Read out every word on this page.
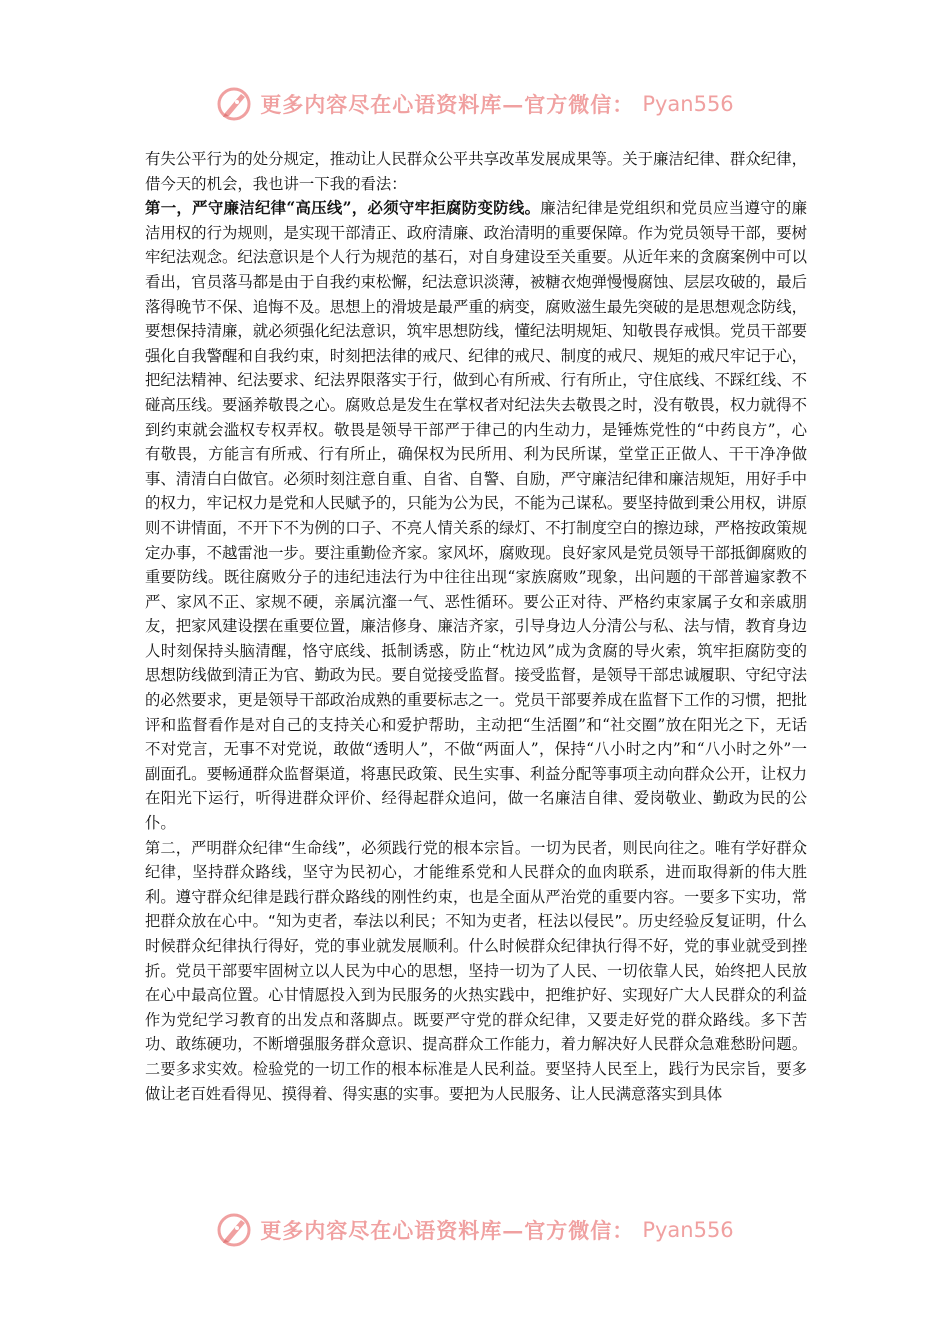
更多内容尽在心语资料库—官方微信： Pyan556

有失公平行为的处分规定，推动让人民群众公平共享改革发展成果等。关于廉洁纪律、群众纪律，借今天的机会，我也讲一下我的看法：

第一，严守廉洁纪律“高压线”，必须守牢拒腐防变防线。廉洁纪律是党组织和党员应当遵守的廉洁用权的行为规则，是实现干部清正、政府清廉、政治清明的重要保障。作为党员领导干部，要树牢纪法观念。纪法意识是个人行为规范的基石，对自身建设至关重要。从近年来的贪腐案例中可以看出，官员落马都是由于自我约束松懈，纪法意识淡薄，被糖衣炮弹慢慢腐蚀、层层攻破的，最后落得晚节不保、追悔不及。思想上的滑坡是最严重的病变，腐败滋生最先突破的是思想观念防线，要想保持清廉，就必须强化纪法意识，筑牢思想防线，懂纪法明规矩、知敬畏存戒惧。党员干部要强化自我警醒和自我约束，时刻把法律的戒尺、纪律的戒尺、制度的戒尺、规矩的戒尺牢记于心，把纪法精神、纪法要求、纪法界限落实于行，做到心有所戒、行有所止，守住底线、不踩红线、不碰高压线。要涵养敬畏之心。腐败总是发生在掌权者对纪法失去敬畏之时，没有敬畏，权力就得不到约束就会滥权专权弄权。敬畏是领导干部严于律己的内生动力，是锤炼党性的“中药良方”，心有敬畏，方能言有所戒、行有所止，确保权为民所用、利为民所谋，堂堂正正做人、干干净净做事、清清白白做官。必须时刻注意自重、自省、自警、自励，严守廉洁纪律和廉洁规矩，用好手中的权力，牢记权力是党和人民赋予的，只能为公为民，不能为己谋私。要坚持做到秉公用权，讲原则不讲情面，不开下不为例的口子、不亮人情关系的绿灯、不打制度空白的擦边球，严格按政策规定办事，不越雷池一步。要注重勤俭齐家。家风坏，腐败现。良好家风是党员领导干部抵御腐败的重要防线。既往腐败分子的违纪违法行为中往往出现“家族腐败”现象，出问题的干部普遍家教不严、家风不正、家规不硬，亲属沆瀣一气、恶性循环。要公正对待、严格约束家属子女和亲戚朋友，把家风建设摆在重要位置，廉洁修身、廉洁齐家，引导身边人分清公与私、法与情，教育身边人时刻保持头脑清醒，恪守底线、抵制诱惑，防止“枕边风”成为贪腐的导火索，筑牢拒腐防变的思想防线做到清正为官、勤政为民。要自觉接受监督。接受监督，是领导干部忠诚履职、守纪守法的必然要求，更是领导干部政治成熟的重要标志之一。党员干部要养成在监督下工作的习惯，把批评和监督看作是对自己的支持关心和爱护帮助，主动把“生活圈”和“社交圈”放在阳光之下，无话不对党言，无事不对党说，敢做“透明人”，不做“两面人”，保持“八小时之内”和“八小时之外”一副面孔。要畅通群众监督渠道，将惠民政策、民生实事、利益分配等事项主动向群众公开，让权力在阳光下运行，听得进群众评价、经得起群众追问，做一名廉洁自律、爱岗敬业、勤政为民的公仆。

第二，严明群众纪律“生命线”，必须践行党的根本宗旨。一切为民者，则民向往之。唯有学好群众纪律，坚持群众路线，坚守为民初心，才能维系党和人民群众的血肉联系，进而取得新的伟大胜利。遵守群众纪律是践行群众路线的刚性约束，也是全面从严治党的重要内容。一要多下实功，常把群众放在心中。“知为吏者，奉法以利民；不知为吏者，枉法以侵民”。历史经验反复证明，什么时候群众纪律执行得好，党的事业就发展顺利。什么时候群众纪律执行得不好，党的事业就受到挫折。党员干部要牢固树立以人民为中心的思想，坚持一切为了人民、一切依靠人民，始终把人民放在心中最高位置。心甘情愿投入到为民服务的火热实践中，把维护好、实现好广大人民群众的利益作为党纪学习教育的出发点和落脚点。既要严守党的群众纪律，又要走好党的群众路线。多下苦功、敢练硬功，不断增强服务群众意识、提高群众工作能力，着力解决好人民群众急难愁盼问题。二要多求实效。检验党的一切工作的根本标准是人民利益。要坚持人民至上，践行为民宗旨，要多做让老百姓看得见、摸得着、得实惠的实事。要把为人民服务、让人民满意落实到具体

更多内容尽在心语资料库—官方微信： Pyan556
